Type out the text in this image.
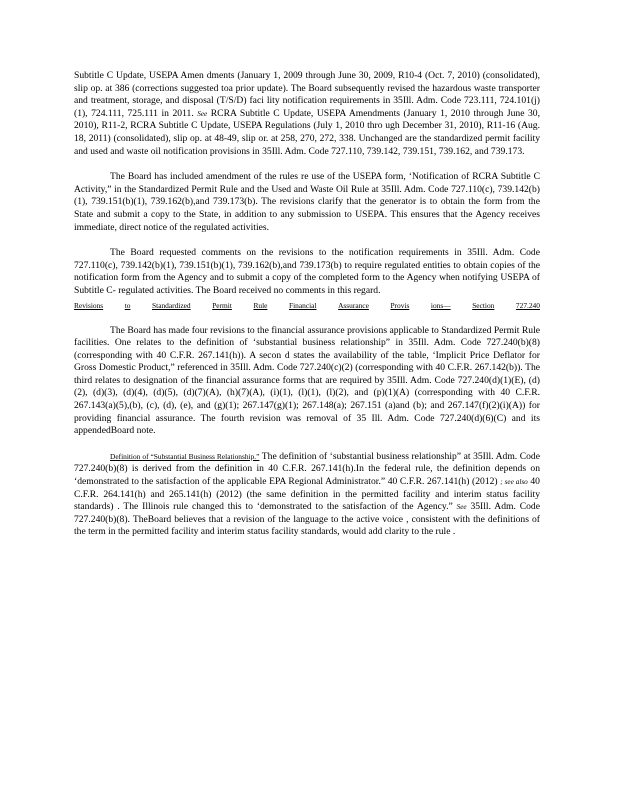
Subtitle C Update, USEPA Amen dments (January 1, 2009 through June 30, 2009, R10-4 (Oct. 7, 2010) (consolidated), slip op. at 386 (corrections suggested toa prior update). The Board subsequently revised the hazardous waste transporter and treatment, storage, and disposal (T/S/D) faci lity notification requirements in 35Ill. Adm. Code 723.111, 724.101(j)(1), 724.111, 725.111 in 2011. See RCRA Subtitle C Update, USEPA Amendments (January 1, 2010 through June 30, 2010), R11-2, RCRA Subtitle C Update, USEPA Regulations (July 1, 2010 thro ugh December 31, 2010), R11-16 (Aug. 18, 2011) (consolidated), slip op. at 48-49, slip or. at 258, 270, 272, 338. Unchanged are the standardized permit facility and used and waste oil notification provisions in 35Ill. Adm. Code 727.110, 739.142, 739.151, 739.162, and 739.173.

The Board has included amendment of the rules re use of the USEPA form, ‘Notification of RCRA Subtitle C Activity,” in the Standardized Permit Rule and the Used and Waste Oil Rule at 35Ill. Adm. Code 727.110(c), 739.142(b)(1), 739.151(b)(1), 739.162(b),and 739.173(b). The revisions clarify that the generator is to obtain the form from the State and submit a copy to the State, in addition to any submission to USEPA. This ensures that the Agency receives immediate, direct notice of the regulated activities.

The Board requested comments on the revisions to the notification requirements in 35Ill. Adm. Code 727.110(c), 739.142(b)(1), 739.151(b)(1), 739.162(b),and 739.173(b) to require regulated entities to obtain copies of the notification form from the Agency and to submit a copy of the completed form to the Agency when notifying USEPA of Subtitle C- regulated activities. The Board received no comments in this regard.

Revisions	to	Standardized	Permit	Rule	Financial	Assurance	Provis	ions—	Section	727.240

The Board has made four revisions to the financial assurance provisions applicable to Standardized Permit Rule facilities. One relates to the definition of ‘substantial business relationship” in 35Ill. Adm. Code 727.240(b)(8) (corresponding with 40 C.F.R. 267.141(h)). A secon d states the availability of the table, ‘Implicit Price Deflator for Gross Domestic Product,” referenced in 35Ill. Adm. Code 727.240(c)(2) (corresponding with 40 C.F.R. 267.142(b)). The third relates to designation of the financial assurance forms that are required by 35Ill. Adm. Code 727.240(d)(1)(E), (d)(2), (d)(3), (d)(4), (d)(5), (d)(7)(A), (h)(7)(A), (i)(1), (l)(1), (l)(2), and (p)(1)(A) (corresponding with 40 C.F.R. 267.143(a)(5),(b), (c), (d), (e), and (g)(1); 267.147(g)(1); 267.148(a); 267.151 (a)and (b); and 267.147(f)(2)(i)(A)) for providing financial assurance. The fourth revision was removal of 35 Ill. Adm. Code 727.240(d)(6)(C) and its appendedBoard note.

Definition of “Substantial Business Relationship.” The definition of ‘substantial business relationship” at 35Ill. Adm. Code 727.240(b)(8) is derived from the definition in 40 C.F.R. 267.141(h).In the federal rule, the definition depends on ‘demonstrated to the satisfaction of the applicable EPA Regional Administrator.” 40 C.F.R. 267.141(h) (2012) ; see also 40 C.F.R. 264.141(h) and 265.141(h) (2012) (the same definition in the permitted facility and interim status facility standards) . The Illinois rule changed this to ‘demonstrated to the satisfaction of the Agency.” See 35Ill. Adm. Code 727.240(b)(8). TheBoard believes that a revision of the language to the active voice , consistent with the definitions of the term in the permitted facility and interim status facility standards, would add clarity to the rule .
